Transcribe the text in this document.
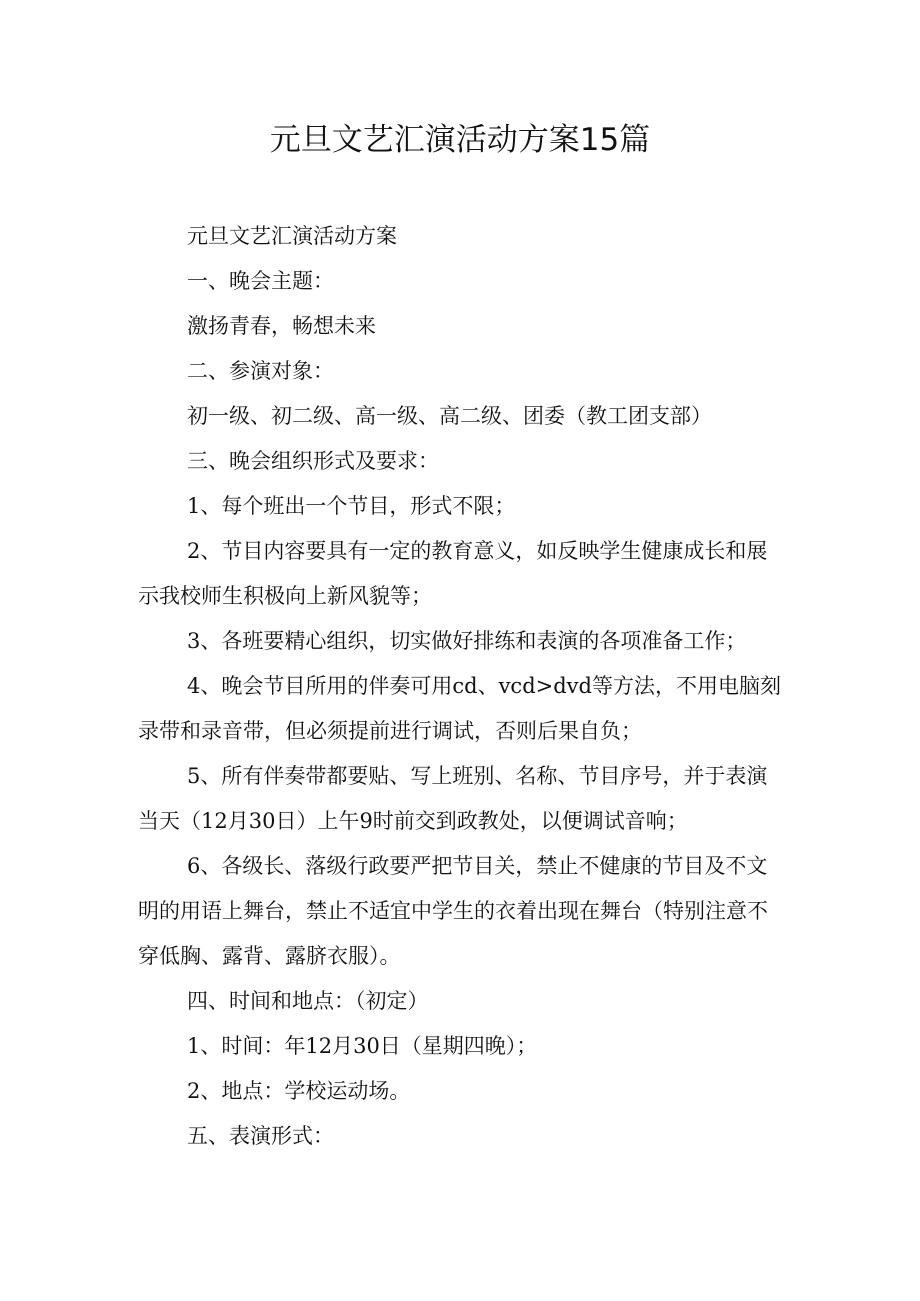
元旦文艺汇演活动方案15篇

元旦文艺汇演活动方案

一、晚会主题：

激扬青春，畅想未来

二、参演对象：

初一级、初二级、高一级、高二级、团委（教工团支部）

三、晚会组织形式及要求：

1、每个班出一个节目，形式不限；

2、节目内容要具有一定的教育意义，如反映学生健康成长和展示我校师生积极向上新风貌等；

3、各班要精心组织，切实做好排练和表演的各项准备工作；

4、晚会节目所用的伴奏可用cd、vcd>dvd等方法，不用电脑刻录带和录音带，但必须提前进行调试，否则后果自负；

5、所有伴奏带都要贴、写上班别、名称、节目序号，并于表演当天（12月30日）上午9时前交到政教处，以便调试音响；

6、各级长、落级行政要严把节目关，禁止不健康的节目及不文明的用语上舞台，禁止不适宜中学生的衣着出现在舞台（特别注意不穿低胸、露背、露脐衣服）。

四、时间和地点：（初定）

1、时间：年12月30日（星期四晚）；

2、地点：学校运动场。

五、表演形式：
